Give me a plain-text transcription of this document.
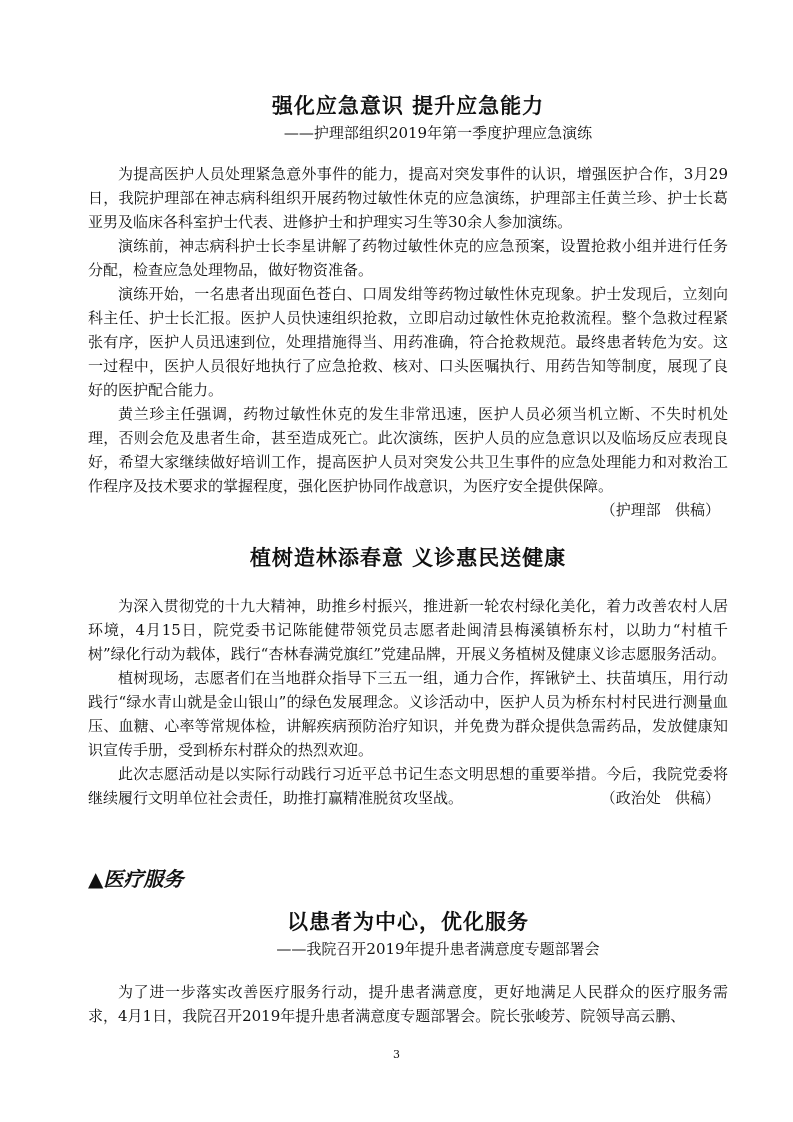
强化应急意识 提升应急能力
——护理部组织2019年第一季度护理应急演练

为提高医护人员处理紧急意外事件的能力，提高对突发事件的认识，增强医护合作，3月29日，我院护理部在神志病科组织开展药物过敏性休克的应急演练，护理部主任黄兰珍、护士长葛亚男及临床各科室护士代表、进修护士和护理实习生等30余人参加演练。

演练前，神志病科护士长李星讲解了药物过敏性休克的应急预案，设置抢救小组并进行任务分配，检查应急处理物品，做好物资准备。

演练开始，一名患者出现面色苍白、口周发绀等药物过敏性休克现象。护士发现后，立刻向科主任、护士长汇报。医护人员快速组织抢救，立即启动过敏性休克抢救流程。整个急救过程紧张有序，医护人员迅速到位，处理措施得当、用药准确，符合抢救规范。最终患者转危为安。这一过程中，医护人员很好地执行了应急抢救、核对、口头医嘱执行、用药告知等制度，展现了良好的医护配合能力。

黄兰珍主任强调，药物过敏性休克的发生非常迅速，医护人员必须当机立断、不失时机处理，否则会危及患者生命，甚至造成死亡。此次演练，医护人员的应急意识以及临场反应表现良好，希望大家继续做好培训工作，提高医护人员对突发公共卫生事件的应急处理能力和对救治工作程序及技术要求的掌握程度，强化医护协同作战意识，为医疗安全提供保障。

（护理部   供稿）
植树造林添春意 义诊惠民送健康

为深入贯彻党的十九大精神，助推乡村振兴，推进新一轮农村绿化美化，着力改善农村人居环境，4月15日，院党委书记陈能健带领党员志愿者赴闽清县梅溪镇桥东村，以助力“村植千树”绿化行动为载体，践行“杏林春满党旗红”党建品牌，开展义务植树及健康义诊志愿服务活动。

植树现场，志愿者们在当地群众指导下三五一组，通力合作，挥锹铲土、扶苗填压，用行动践行“绿水青山就是金山银山”的绿色发展理念。义诊活动中，医护人员为桥东村村民进行测量血压、血糖、心率等常规体检，讲解疾病预防治疗知识，并免费为群众提供急需药品，发放健康知识宣传手册，受到桥东村群众的热烈欢迎。

此次志愿活动是以实际行动践行习近平总书记生态文明思想的重要举措。今后，我院党委将继续履行文明单位社会责任，助推打赢精准脱贫攻坚战。	（政治处   供稿）

▲医疗服务
以患者为中心，优化服务
——我院召开2019年提升患者满意度专题部署会

为了进一步落实改善医疗服务行动，提升患者满意度，更好地满足人民群众的医疗服务需求，4月1日，我院召开2019年提升患者满意度专题部署会。院长张峻芳、院领导高云鹏、

3
